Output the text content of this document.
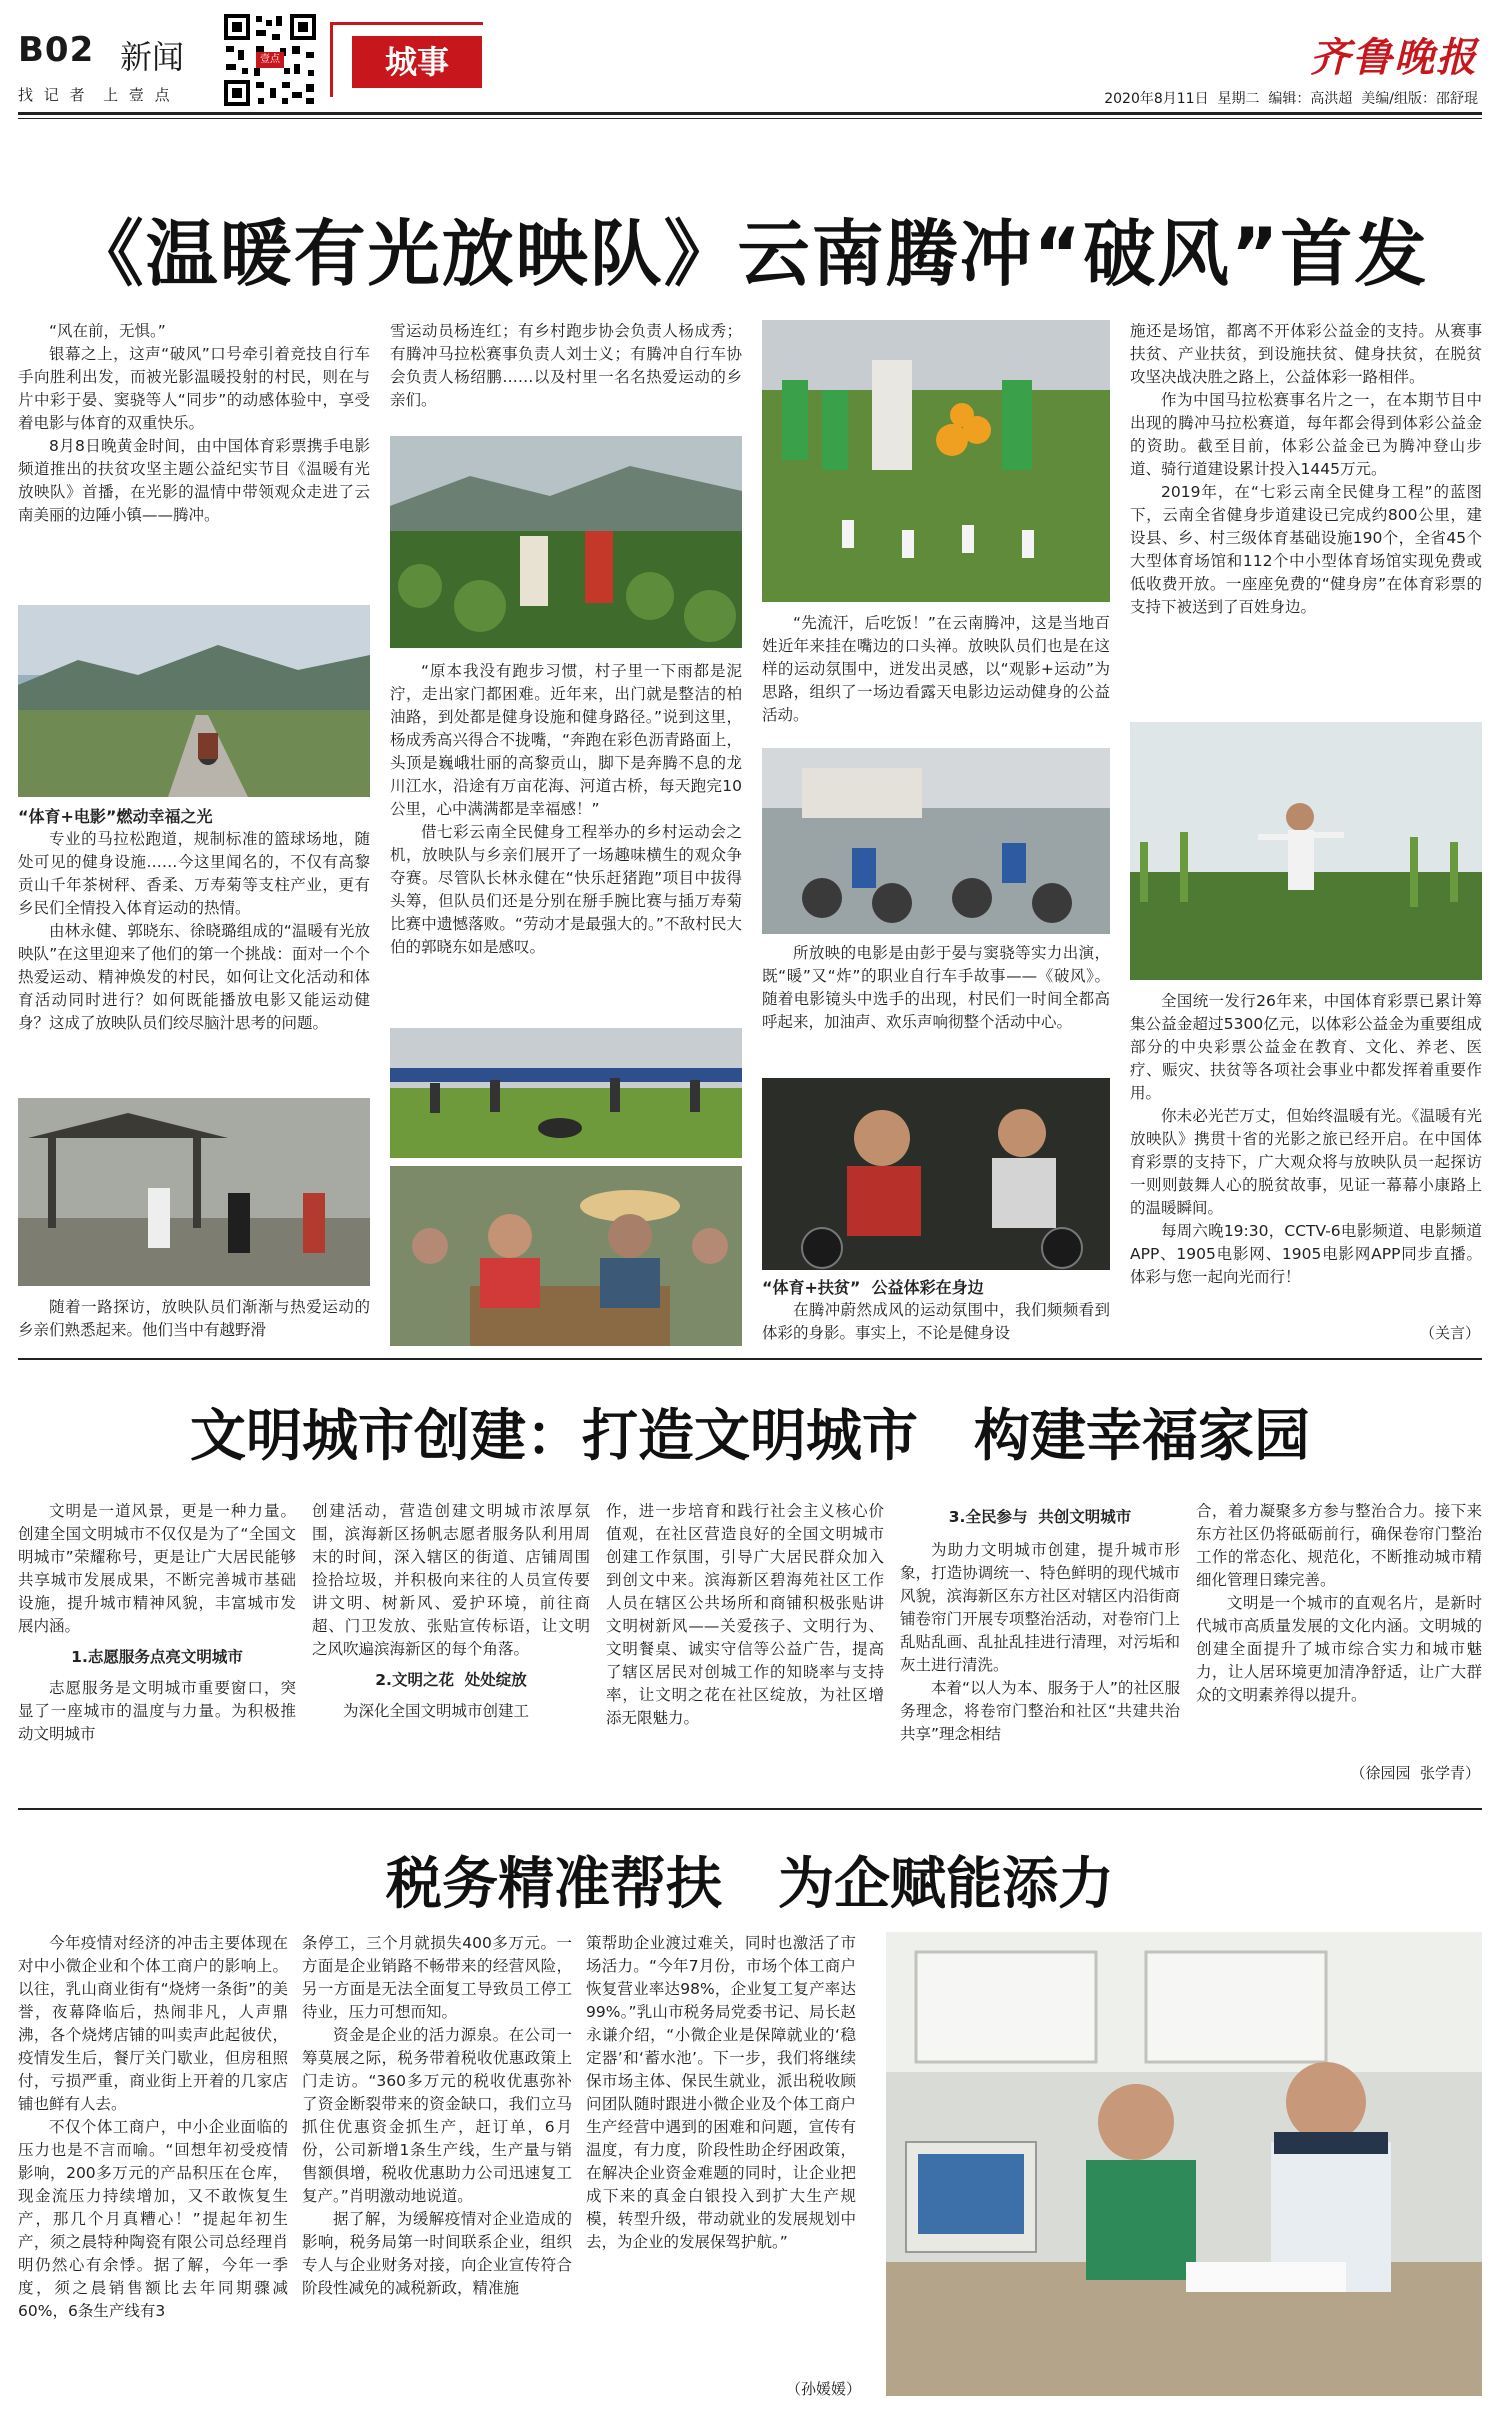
B02 新闻
找 记 者  上 壹 点
壹点	城事	齐鲁晚报
2020年8月11日  星期二  编辑：高洪超  美编/组版：邵舒琨
《温暖有光放映队》云南腾冲“破风”首发

“风在前，无惧。”

银幕之上，这声“破风”口号牵引着竞技自行车手向胜利出发，而被光影温暖投射的村民，则在与片中彩于晏、窦骁等人“同步”的动感体验中，享受着电影与体育的双重快乐。

8月8日晚黄金时间，由中国体育彩票携手电影频道推出的扶贫攻坚主题公益纪实节目《温暖有光放映队》首播，在光影的温情中带领观众走进了云南美丽的边陲小镇——腾冲。

“体育+电影”燃动幸福之光

专业的马拉松跑道，规制标准的篮球场地，随处可见的健身设施……今这里闻名的，不仅有高黎贡山千年茶树秤、香柔、万寿菊等支柱产业，更有乡民们全情投入体育运动的热情。

由林永健、郭晓东、徐晓璐组成的“温暖有光放映队”在这里迎来了他们的第一个挑战：面对一个个热爱运动、精神焕发的村民，如何让文化活动和体育活动同时进行？如何既能播放电影又能运动健身？这成了放映队员们绞尽脑汁思考的问题。

随着一路探访，放映队员们渐渐与热爱运动的乡亲们熟悉起来。他们当中有越野滑

雪运动员杨连红；有乡村跑步协会负责人杨成秀；有腾冲马拉松赛事负责人刘士义；有腾冲自行车协会负责人杨绍鹏……以及村里一名名热爱运动的乡亲们。

“原本我没有跑步习惯，村子里一下雨都是泥泞，走出家门都困难。近年来，出门就是整洁的柏油路，到处都是健身设施和健身路径。”说到这里，杨成秀高兴得合不拢嘴，“奔跑在彩色沥青路面上，头顶是巍峨壮丽的高黎贡山，脚下是奔腾不息的龙川江水，沿途有万亩花海、河道古桥，每天跑完10公里，心中满满都是幸福感！”

借七彩云南全民健身工程举办的乡村运动会之机，放映队与乡亲们展开了一场趣味横生的观众争夺赛。尽管队长林永健在“快乐赶猪跑”项目中拔得头筹，但队员们还是分别在掰手腕比赛与插万寿菊比赛中遗憾落败。“劳动才是最强大的。”不敌村民大伯的郭晓东如是感叹。

“先流汗，后吃饭！”在云南腾冲，这是当地百姓近年来挂在嘴边的口头禅。放映队员们也是在这样的运动氛围中，迸发出灵感，以“观影+运动”为思路，组织了一场边看露天电影边运动健身的公益活动。

所放映的电影是由彭于晏与窦骁等实力出演，既“暖”又“炸”的职业自行车手故事——《破风》。随着电影镜头中选手的出现，村民们一时间全都高呼起来，加油声、欢乐声响彻整个活动中心。

“体育+扶贫”  公益体彩在身边

在腾冲蔚然成风的运动氛围中，我们频频看到体彩的身影。事实上，不论是健身设

施还是场馆，都离不开体彩公益金的支持。从赛事扶贫、产业扶贫，到设施扶贫、健身扶贫，在脱贫攻坚决战决胜之路上，公益体彩一路相伴。

作为中国马拉松赛事名片之一，在本期节目中出现的腾冲马拉松赛道，每年都会得到体彩公益金的资助。截至目前，体彩公益金已为腾冲登山步道、骑行道建设累计投入1445万元。

2019年，在“七彩云南全民健身工程”的蓝图下，云南全省健身步道建设已完成约800公里，建设县、乡、村三级体育基础设施190个，全省45个大型体育场馆和112个中小型体育场馆实现免费或低收费开放。一座座免费的“健身房”在体育彩票的支持下被送到了百姓身边。

全国统一发行26年来，中国体育彩票已累计筹集公益金超过5300亿元，以体彩公益金为重要组成部分的中央彩票公益金在教育、文化、养老、医疗、赈灾、扶贫等各项社会事业中都发挥着重要作用。

你未必光芒万丈，但始终温暖有光。《温暖有光放映队》携贯十省的光影之旅已经开启。在中国体育彩票的支持下，广大观众将与放映队员一起探访一则则鼓舞人心的脱贫故事，见证一幕幕小康路上的温暖瞬间。

每周六晚19:30，CCTV-6电影频道、电影频道APP、1905电影网、1905电影网APP同步直播。体彩与您一起向光而行！

（关言）
文明城市创建：打造文明城市　构建幸福家园

文明是一道风景，更是一种力量。创建全国文明城市不仅仅是为了“全国文明城市”荣耀称号，更是让广大居民能够共享城市发展成果，不断完善城市基础设施，提升城市精神风貌，丰富城市发展内涵。

1.志愿服务点亮文明城市

志愿服务是文明城市重要窗口，突显了一座城市的温度与力量。为积极推动文明城市

创建活动，营造创建文明城市浓厚氛围，滨海新区扬帆志愿者服务队利用周末的时间，深入辖区的街道、店铺周围捡拾垃圾，并积极向来往的人员宣传要讲文明、树新风、爱护环境，前往商超、门卫发放、张贴宣传标语，让文明之风吹遍滨海新区的每个角落。

2.文明之花  处处绽放

为深化全国文明城市创建工

作，进一步培育和践行社会主义核心价值观，在社区营造良好的全国文明城市创建工作氛围，引导广大居民群众加入到创文中来。滨海新区碧海苑社区工作人员在辖区公共场所和商铺积极张贴讲文明树新风——关爱孩子、文明行为、文明餐桌、诚实守信等公益广告，提高了辖区居民对创城工作的知晓率与支持率，让文明之花在社区绽放，为社区增添无限魅力。

3.全民参与  共创文明城市

为助力文明城市创建，提升城市形象，打造协调统一、特色鲜明的现代城市风貌，滨海新区东方社区对辖区内沿街商铺卷帘门开展专项整治活动，对卷帘门上乱贴乱画、乱扯乱挂进行清理，对污垢和灰土进行清洗。

本着“以人为本、服务于人”的社区服务理念，将卷帘门整治和社区“共建共治共享”理念相结

合，着力凝聚多方参与整治合力。接下来东方社区仍将砥砺前行，确保卷帘门整治工作的常态化、规范化，不断推动城市精细化管理日臻完善。

文明是一个城市的直观名片，是新时代城市高质量发展的文化内涵。文明城的创建全面提升了城市综合实力和城市魅力，让人居环境更加清净舒适，让广大群众的文明素养得以提升。

（徐园园  张学青）
税务精准帮扶　为企赋能添力

今年疫情对经济的冲击主要体现在对中小微企业和个体工商户的影响上。以往，乳山商业街有“烧烤一条街”的美誉，夜幕降临后，热闹非凡，人声鼎沸，各个烧烤店铺的叫卖声此起彼伏，疫情发生后，餐厅关门歇业，但房租照付，亏损严重，商业街上开着的几家店铺也鲜有人去。

不仅个体工商户，中小企业面临的压力也是不言而喻。“回想年初受疫情影响，200多万元的产品积压在仓库，现金流压力持续增加，又不敢恢复生产，那几个月真糟心！”提起年初生产，须之晨特种陶瓷有限公司总经理肖明仍然心有余悸。据了解，今年一季度，须之晨销售额比去年同期骤减60%，6条生产线有3

条停工，三个月就损失400多万元。一方面是企业销路不畅带来的经营风险，另一方面是无法全面复工导致员工停工待业，压力可想而知。

资金是企业的活力源泉。在公司一筹莫展之际，税务带着税收优惠政策上门走访。“360多万元的税收优惠弥补了资金断裂带来的资金缺口，我们立马抓住优惠资金抓生产，赶订单，6月份，公司新增1条生产线，生产量与销售额俱增，税收优惠助力公司迅速复工复产。”肖明激动地说道。

据了解，为缓解疫情对企业造成的影响，税务局第一时间联系企业，组织专人与企业财务对接，向企业宣传符合阶段性减免的减税新政，精准施

策帮助企业渡过难关，同时也激活了市场活力。“今年7月份，市场个体工商户恢复营业率达98%，企业复工复产率达99%。”乳山市税务局党委书记、局长赵永谦介绍，“小微企业是保障就业的‘稳定器’和‘蓄水池’。下一步，我们将继续保市场主体、保民生就业，派出税收顾问团队随时跟进小微企业及个体工商户生产经营中遇到的困难和问题，宣传有温度，有力度，阶段性助企纾困政策，在解决企业资金难题的同时，让企业把成下来的真金白银投入到扩大生产规模，转型升级，带动就业的发展规划中去，为企业的发展保驾护航。”

（孙媛媛）
